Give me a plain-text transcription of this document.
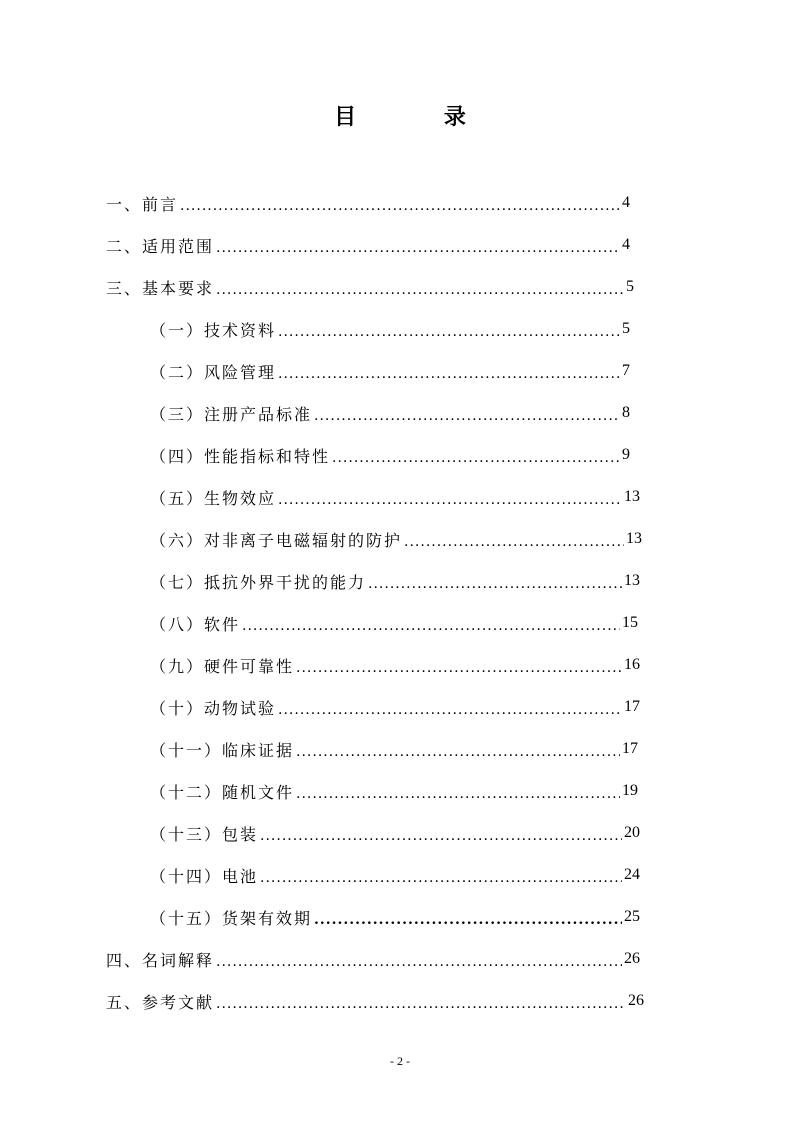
目 录
一、 前言 .....	4
二、 适用范围 .....	4
三、 基本要求 .....	5
（一） 技术资料 .....	5
（二） 风险管理 .....	7
（三） 注册产品标准 .....	8
（四） 性能指标和特性 .....	9
（五） 生物效应 .....	13
（六） 对非离子电磁辐射的防护 .....	13
（七） 抵抗外界干扰的能力 .....	13
（八） 软件 .....	15
（九） 硬件可靠性 .....	16
（十） 动物试验 .....	17
（十一） 临床证据 .....	17
（十二） 随机文件 .....	19
（十三） 包装 .....	20
（十四） 电池 .....	24
（十五） 货架有效期 .....	25
四、 名词解释 .....	26
五、 参考文献 .....	26
- 2 -
